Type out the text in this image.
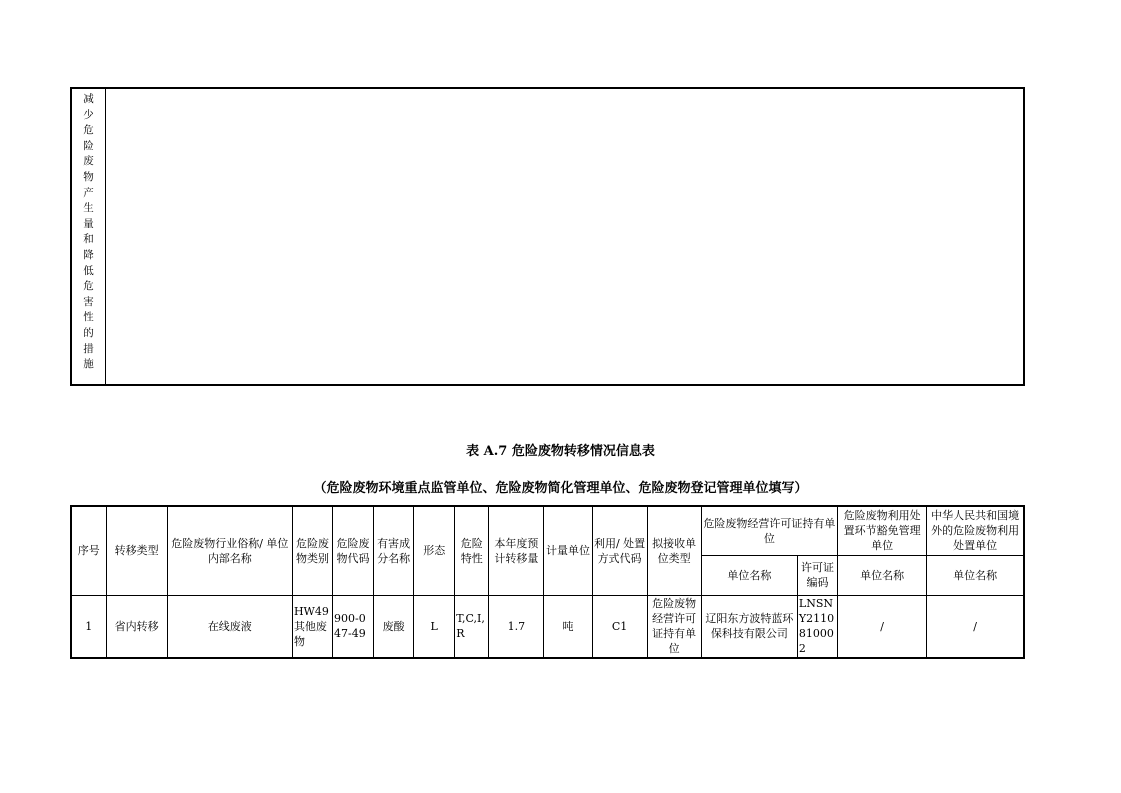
减
少
危
险
废
物
产
生
量
和
降
低
危
害
性
的
措
施
表 A.7 危险废物转移情况信息表
（危险废物环境重点监管单位、危险废物简化管理单位、危险废物登记管理单位填写）
序号	转移类型	危险废物行业俗称/ 单位内部名称	危险废物类别	危险废物代码	有害成分名称	形态	危险特性	本年度预计转移量	计量单位	利用/ 处置方式代码	拟接收单位类型	危险废物经营许可证持有单位		危险废物利用处置环节豁免管理单位	中华人民共和国境外的危险废物利用处置单位
												单位名称	许可证编码	单位名称	单位名称
1	省内转移	在线废液	HW49其他废物	900-047-49	废酸	L	T,C,I,R	1.7	吨	C1	危险废物经营许可证持有单位	辽阳东方波特蓝环保科技有限公司	LNSNY2110810002	/	/
